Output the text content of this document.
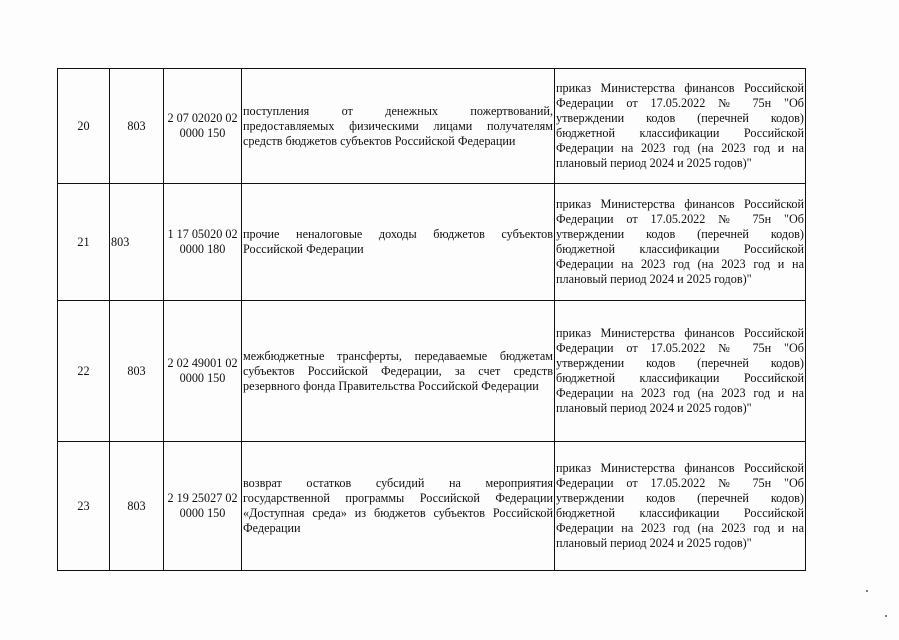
20	803	2 07 02020 02
0000 150	поступления от денежных пожертвований, предоставляемых физическими лицами получателям средств бюджетов субъектов Российской Федерации	приказ Министерства финансов Российской Федерации от 17.05.2022 № 75н "Об утверждении кодов (перечней кодов) бюджетной классификации Российской Федерации на 2023 год (на 2023 год и на плановый период 2024 и 2025 годов)"
21	803	1 17 05020 02
0000 180	прочие неналоговые доходы бюджетов субъектов Российской Федерации	приказ Министерства финансов Российской Федерации от 17.05.2022 № 75н "Об утверждении кодов (перечней кодов) бюджетной классификации Российской Федерации на 2023 год (на 2023 год и на плановый период 2024 и 2025 годов)"
22	803	2 02 49001 02
0000 150	межбюджетные трансферты, передаваемые бюджетам субъектов Российской Федерации, за счет средств резервного фонда Правительства Российской Федерации	приказ Министерства финансов Российской Федерации от 17.05.2022 № 75н "Об утверждении кодов (перечней кодов) бюджетной классификации Российской Федерации на 2023 год (на 2023 год и на плановый период 2024 и 2025 годов)"
23	803	2 19 25027 02
0000 150	возврат остатков субсидий на мероприятия государственной программы Российской Федерации «Доступная среда» из бюджетов субъектов Российской Федерации	приказ Министерства финансов Российской Федерации от 17.05.2022 № 75н "Об утверждении кодов (перечней кодов) бюджетной классификации Российской Федерации на 2023 год (на 2023 год и на плановый период 2024 и 2025 годов)"
